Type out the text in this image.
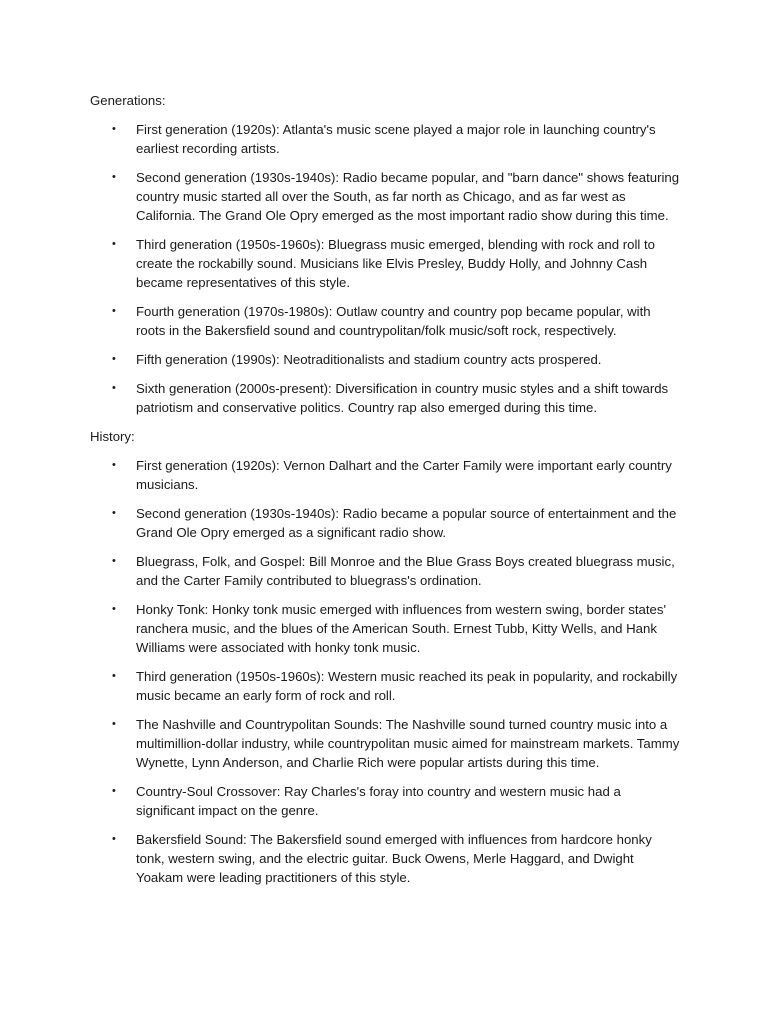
Generations:

• First generation (1920s): Atlanta's music scene played a major role in launching country's earliest recording artists.
• Second generation (1930s-1940s): Radio became popular, and "barn dance" shows featuring country music started all over the South, as far north as Chicago, and as far west as California. The Grand Ole Opry emerged as the most important radio show during this time.
• Third generation (1950s-1960s): Bluegrass music emerged, blending with rock and roll to create the rockabilly sound. Musicians like Elvis Presley, Buddy Holly, and Johnny Cash became representatives of this style.
• Fourth generation (1970s-1980s): Outlaw country and country pop became popular, with roots in the Bakersfield sound and countrypolitan/folk music/soft rock, respectively.
• Fifth generation (1990s): Neotraditionalists and stadium country acts prospered.
• Sixth generation (2000s-present): Diversification in country music styles and a shift towards patriotism and conservative politics. Country rap also emerged during this time.

History:

• First generation (1920s): Vernon Dalhart and the Carter Family were important early country musicians.
• Second generation (1930s-1940s): Radio became a popular source of entertainment and the Grand Ole Opry emerged as a significant radio show.
• Bluegrass, Folk, and Gospel: Bill Monroe and the Blue Grass Boys created bluegrass music, and the Carter Family contributed to bluegrass's ordination.
• Honky Tonk: Honky tonk music emerged with influences from western swing, border states' ranchera music, and the blues of the American South. Ernest Tubb, Kitty Wells, and Hank Williams were associated with honky tonk music.
• Third generation (1950s-1960s): Western music reached its peak in popularity, and rockabilly music became an early form of rock and roll.
• The Nashville and Countrypolitan Sounds: The Nashville sound turned country music into a multimillion-dollar industry, while countrypolitan music aimed for mainstream markets. Tammy Wynette, Lynn Anderson, and Charlie Rich were popular artists during this time.
• Country-Soul Crossover: Ray Charles's foray into country and western music had a significant impact on the genre.
• Bakersfield Sound: The Bakersfield sound emerged with influences from hardcore honky tonk, western swing, and the electric guitar. Buck Owens, Merle Haggard, and Dwight Yoakam were leading practitioners of this style.
